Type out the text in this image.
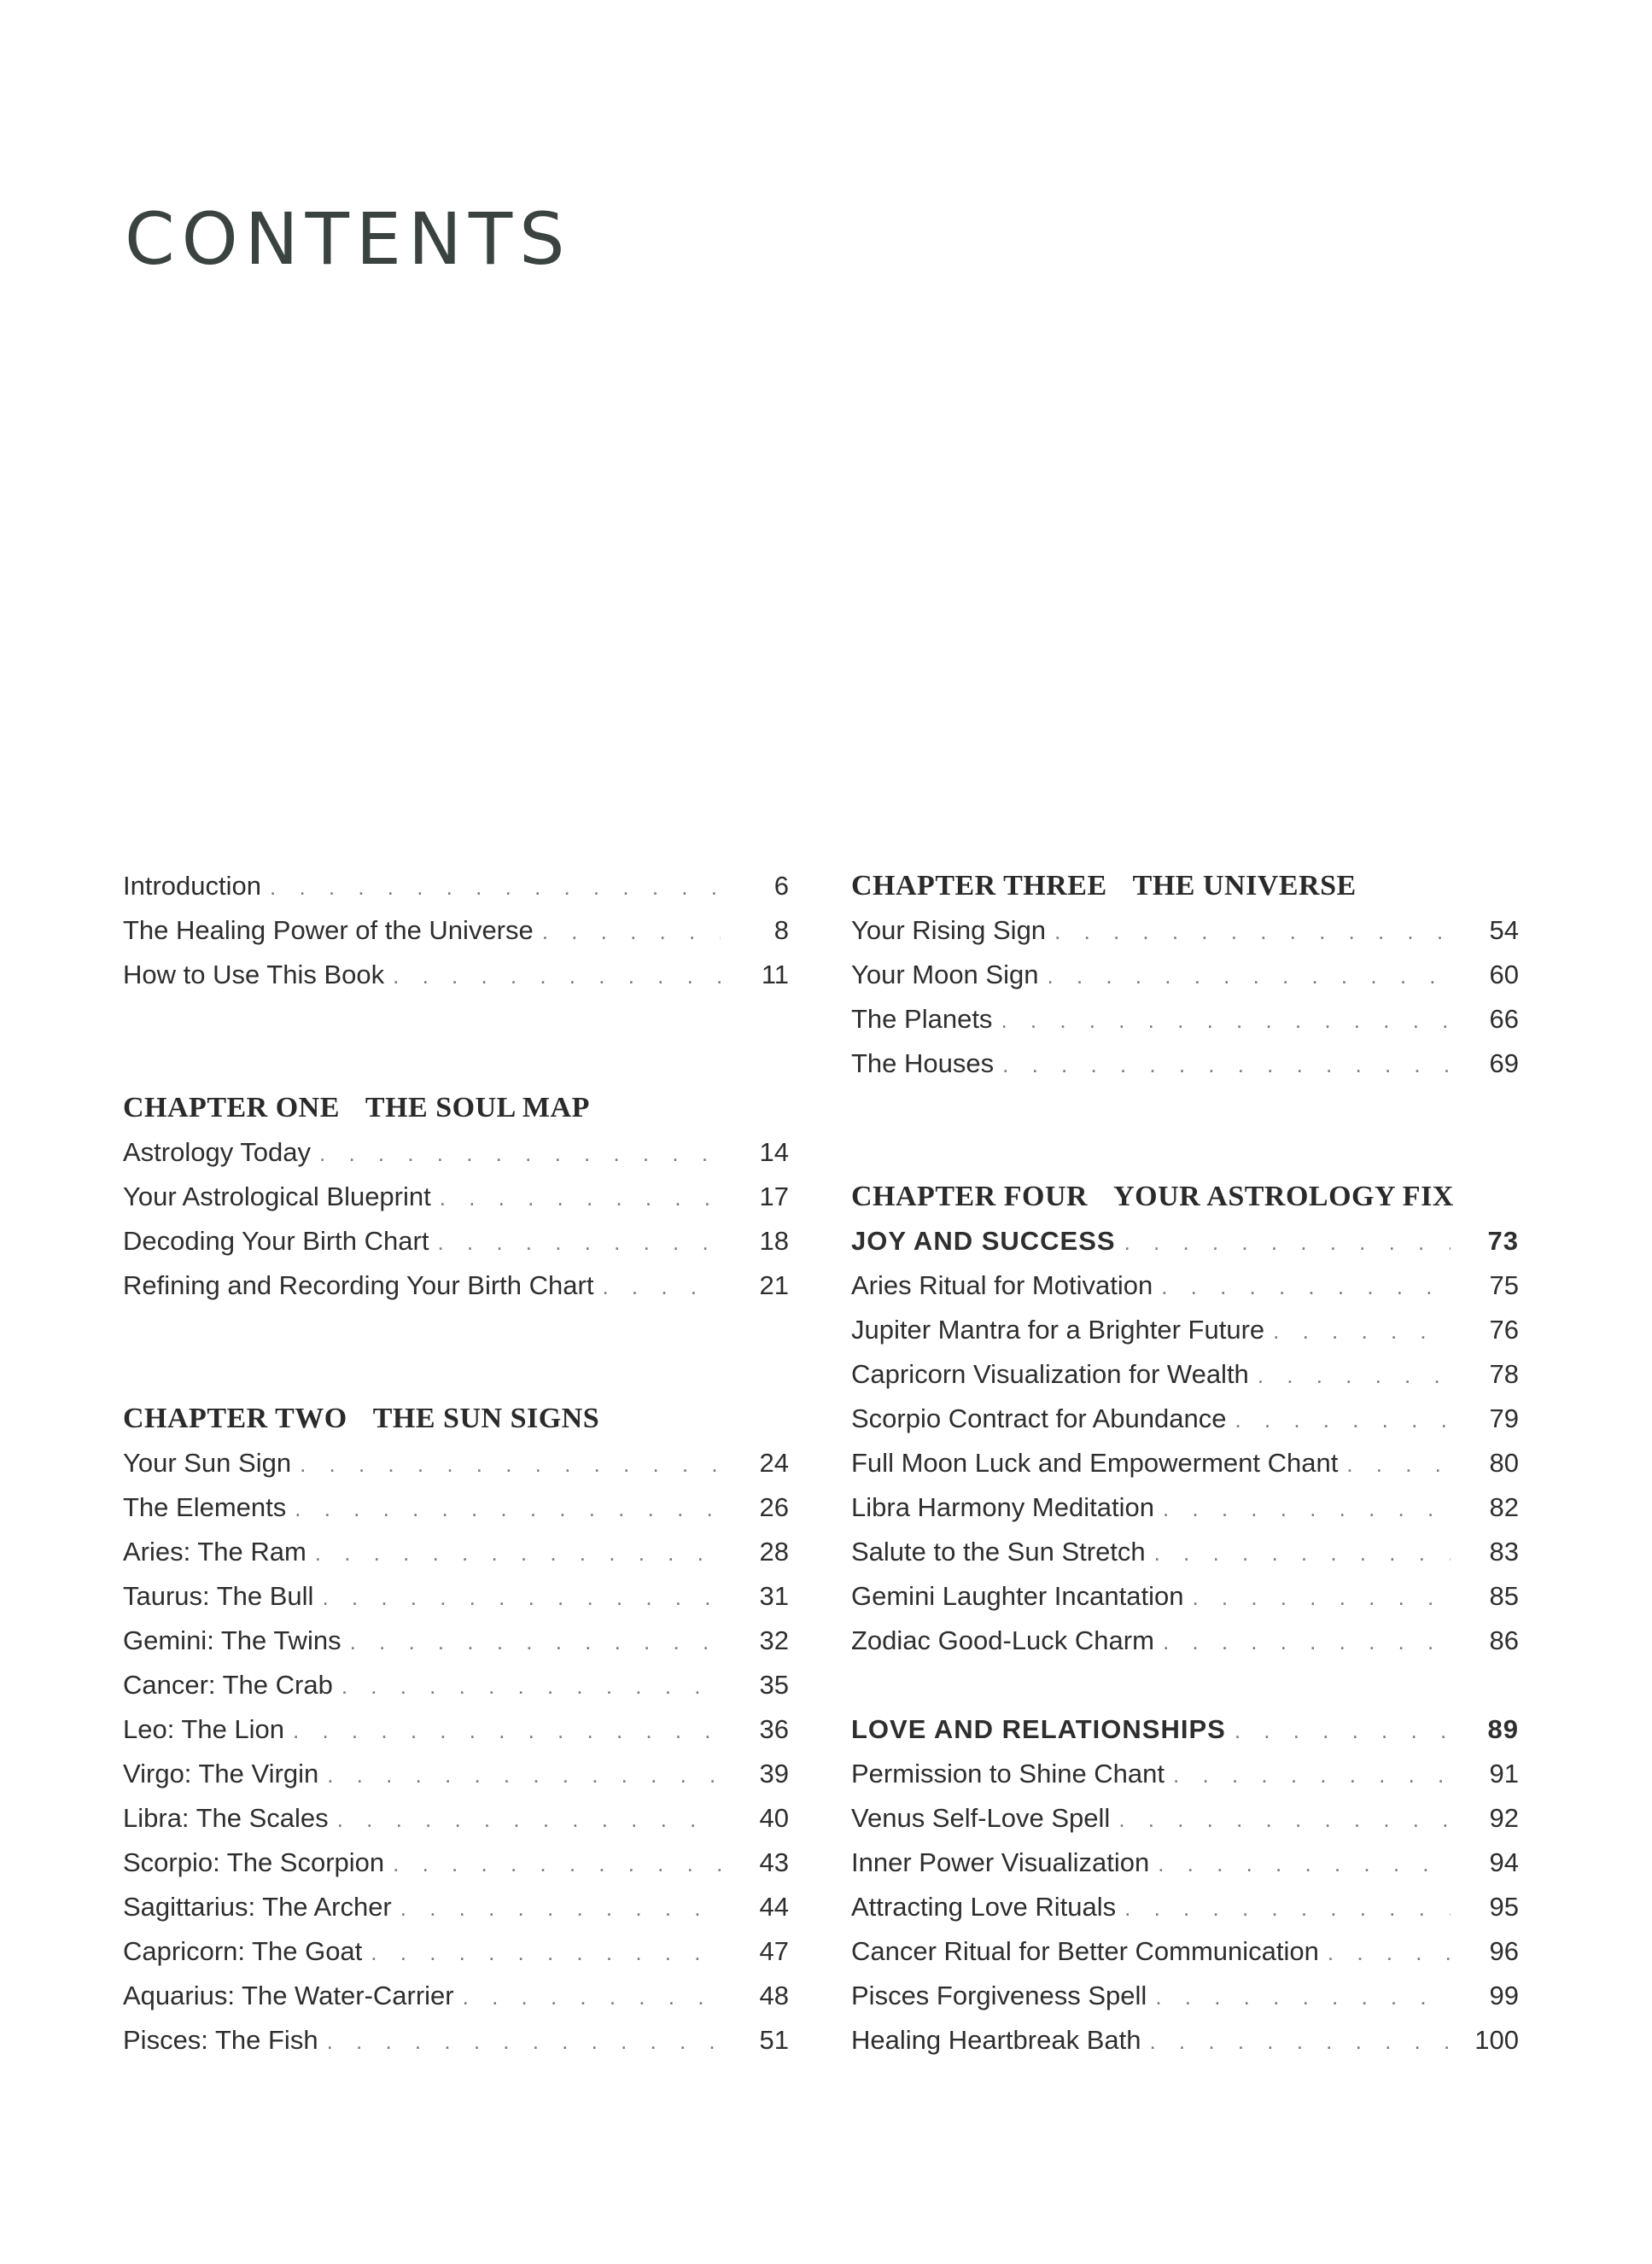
CONTENTS
Introduction . . .	6
The Healing Power of the Universe . . .	8
How to Use This Book . . .	11
CHAPTER ONE THE SOUL MAP
Astrology Today . . .	14
Your Astrological Blueprint . . .	17
Decoding Your Birth Chart . . .	18
Refining and Recording Your Birth Chart . . .	21
CHAPTER TWO THE SUN SIGNS
Your Sun Sign . . .	24
The Elements . . .	26
Aries: The Ram . . .	28
Taurus: The Bull . . .	31
Gemini: The Twins . . .	32
Cancer: The Crab . . .	35
Leo: The Lion . . .	36
Virgo: The Virgin . . .	39
Libra: The Scales . . .	40
Scorpio: The Scorpion . . .	43
Sagittarius: The Archer . . .	44
Capricorn: The Goat . . .	47
Aquarius: The Water-Carrier . . .	48
Pisces: The Fish . . .	51
CHAPTER THREE THE UNIVERSE
Your Rising Sign . . .	54
Your Moon Sign . . .	60
The Planets . . .	66
The Houses . . .	69
CHAPTER FOUR YOUR ASTROLOGY FIX
JOY AND SUCCESS . . .	73
Aries Ritual for Motivation . . .	75
Jupiter Mantra for a Brighter Future . . .	76
Capricorn Visualization for Wealth . . .	78
Scorpio Contract for Abundance . . .	79
Full Moon Luck and Empowerment Chant . . .	80
Libra Harmony Meditation . . .	82
Salute to the Sun Stretch . . .	83
Gemini Laughter Incantation . . .	85
Zodiac Good-Luck Charm . . .	86
LOVE AND RELATIONSHIPS . . .	89
Permission to Shine Chant . . .	91
Venus Self-Love Spell . . .	92
Inner Power Visualization . . .	94
Attracting Love Rituals . . .	95
Cancer Ritual for Better Communication . . .	96
Pisces Forgiveness Spell . . .	99
Healing Heartbreak Bath . . .	100
